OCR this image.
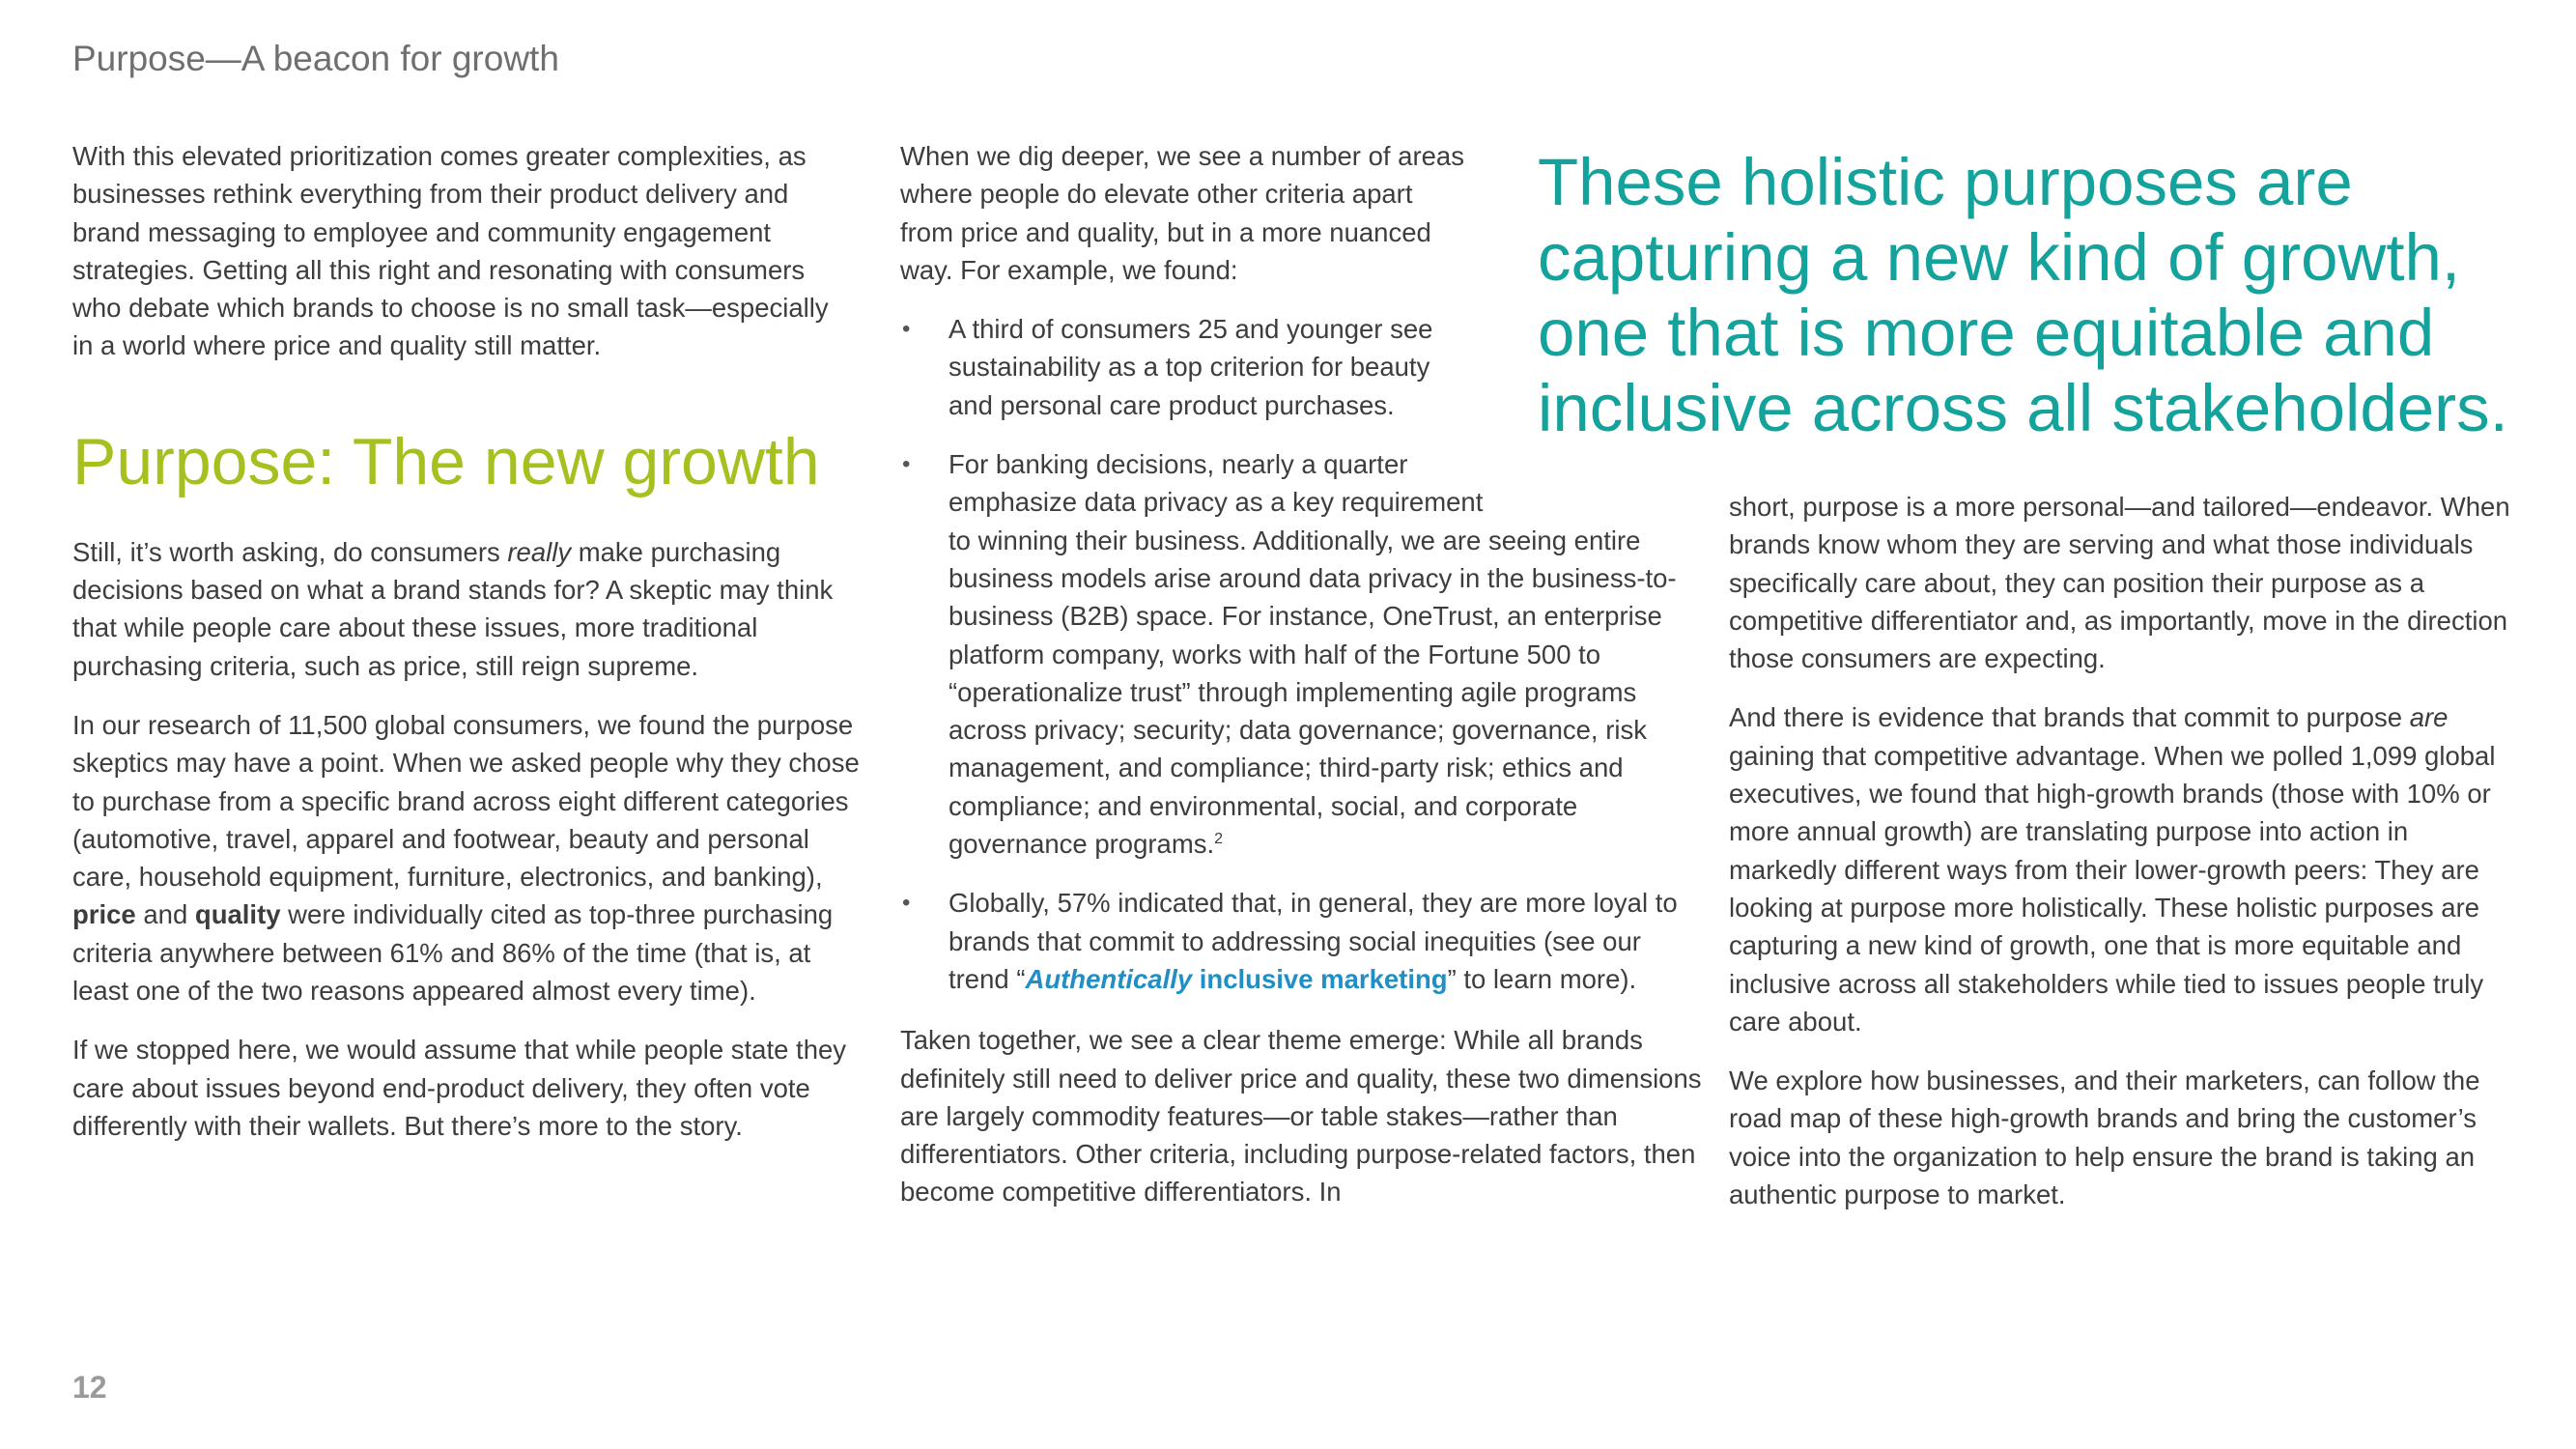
Purpose—A beacon for growth

With this elevated prioritization comes greater complexities, as
businesses rethink everything from their product delivery and
brand messaging to employee and community engagement
strategies. Getting all this right and resonating with consumers
who debate which brands to choose is no small task—especially
in a world where price and quality still matter.

Purpose: The new growth

Still, it’s worth asking, do consumers really make purchasing decisions based on what a brand stands for? A skeptic may think that while people care about these issues, more traditional purchasing criteria, such as price, still reign supreme.

In our research of 11,500 global consumers, we found the purpose skeptics may have a point. When we asked people why they chose to purchase from a specific brand across eight different categories (automotive, travel, apparel and footwear, beauty and personal care, household equipment, furniture, electronics, and banking), price and quality were individually cited as top-three purchasing criteria anywhere between 61% and 86% of the time (that is, at least one of the two reasons appeared almost every time).

If we stopped here, we would assume that while people state they care about issues beyond end-product delivery, they often vote differently with their wallets. But there’s more to the story.

When we dig deeper, we see a number of areas
where people do elevate other criteria apart
from price and quality, but in a more nuanced
way. For example, we found:

• A third of consumers 25 and younger see
sustainability as a top criterion for beauty
and personal care product purchases.
• For banking decisions, nearly a quarter
emphasize data privacy as a key requirement
to winning their business. Additionally, we are seeing entire business models arise around data privacy in the business-to-business (B2B) space. For instance, OneTrust, an enterprise platform company, works with half of the Fortune 500 to “operationalize trust” through implementing agile programs across privacy; security; data governance; governance, risk management, and compliance; third-party risk; ethics and compliance; and environmental, social, and corporate governance programs.$^2$
• Globally, 57% indicated that, in general, they are more loyal to brands that commit to addressing social inequities (see our trend “Authentically inclusive marketing” to learn more).

Taken together, we see a clear theme emerge: While all brands definitely still need to deliver price and quality, these two dimensions are largely commodity features—or table stakes—rather than differentiators. Other criteria, including purpose-related factors, then become competitive differentiators. In

These holistic purposes are
capturing a new kind of growth,
one that is more equitable and
inclusive across all stakeholders.

short, purpose is a more personal—and tailored—endeavor. When brands know whom they are serving and what those individuals specifically care about, they can position their purpose as a competitive differentiator and, as importantly, move in the direction those consumers are expecting.

And there is evidence that brands that commit to purpose are gaining that competitive advantage. When we polled 1,099 global executives, we found that high-growth brands (those with 10% or more annual growth) are translating purpose into action in markedly different ways from their lower-growth peers: They are looking at purpose more holistically. These holistic purposes are capturing a new kind of growth, one that is more equitable and inclusive across all stakeholders while tied to issues people truly care about.

We explore how businesses, and their marketers, can follow the road map of these high-growth brands and bring the customer’s voice into the organization to help ensure the brand is taking an authentic purpose to market.

12
